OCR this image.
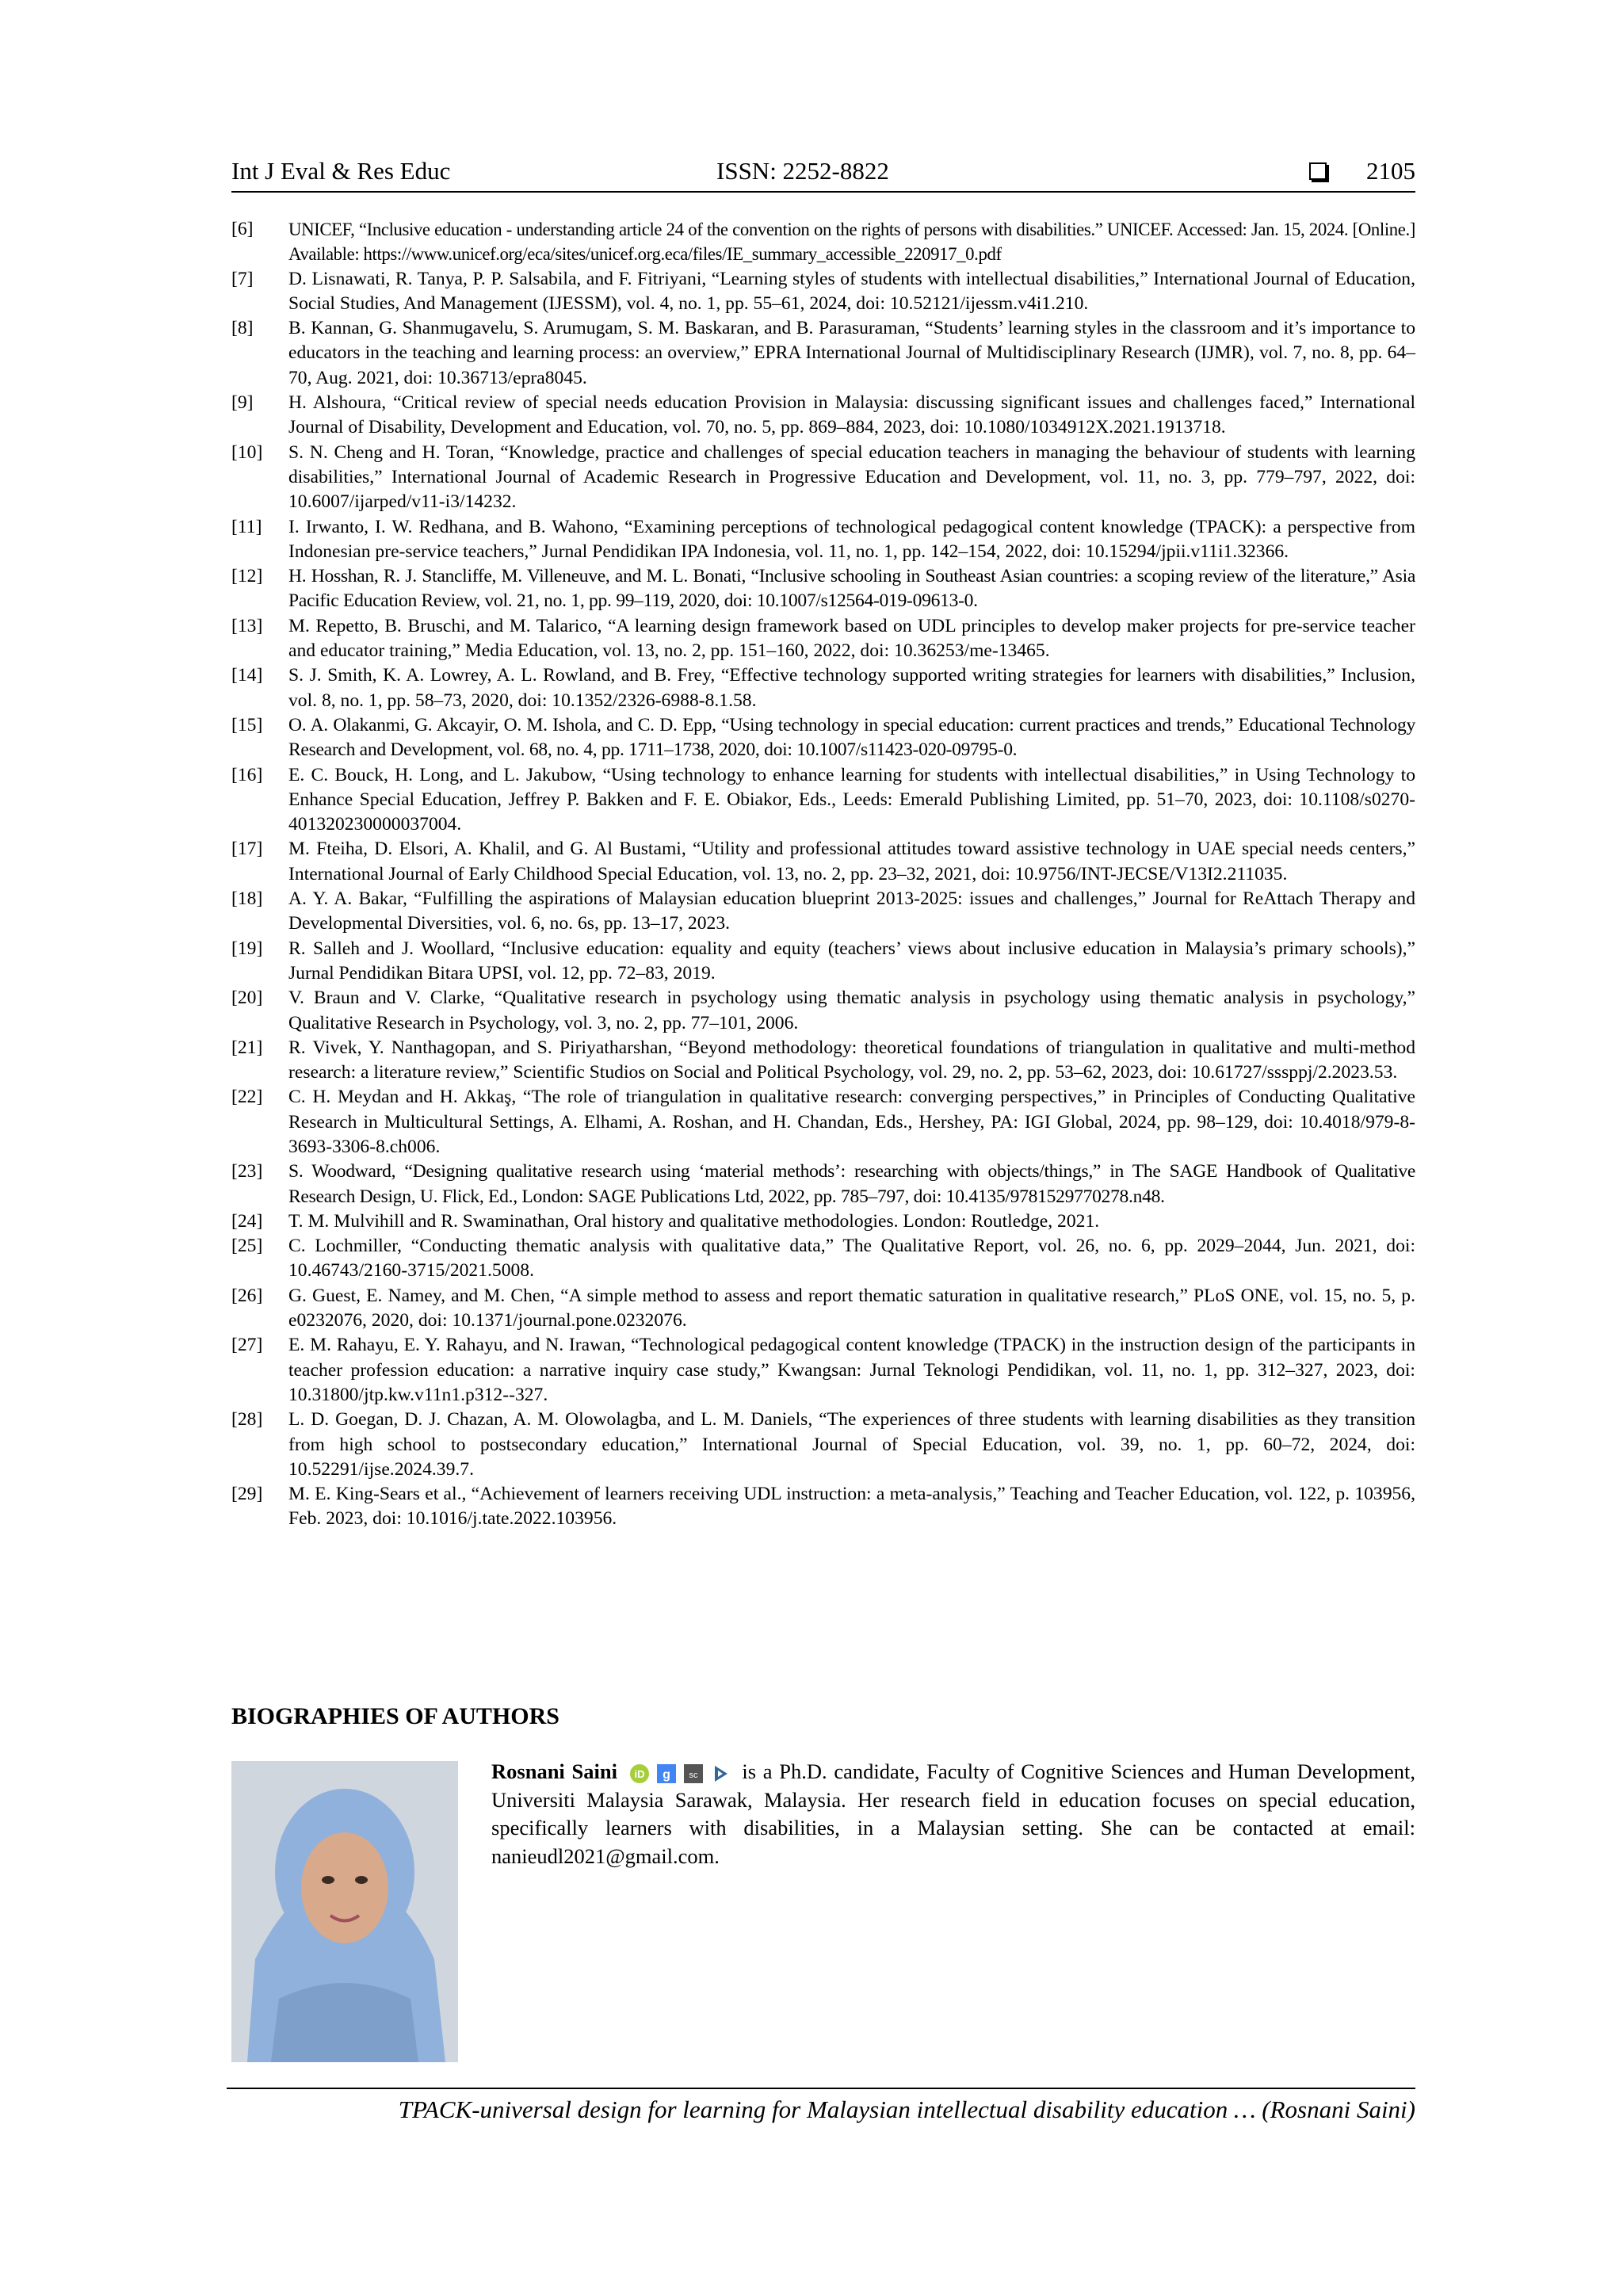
Int J Eval & Res Educ	ISSN: 2252-8822	2105
[6]	UNICEF, “Inclusive education - understanding article 24 of the convention on the rights of persons with disabilities.” UNICEF. Accessed: Jan. 15, 2024. [Online.] Available: https://www.unicef.org/eca/sites/unicef.org.eca/files/IE_summary_accessible_220917_0.pdf
[7]	D. Lisnawati, R. Tanya, P. P. Salsabila, and F. Fitriyani, “Learning styles of students with intellectual disabilities,” International Journal of Education, Social Studies, And Management (IJESSM), vol. 4, no. 1, pp. 55–61, 2024, doi: 10.52121/ijessm.v4i1.210.
[8]	B. Kannan, G. Shanmugavelu, S. Arumugam, S. M. Baskaran, and B. Parasuraman, “Students’ learning styles in the classroom and it’s importance to educators in the teaching and learning process: an overview,” EPRA International Journal of Multidisciplinary Research (IJMR), vol. 7, no. 8, pp. 64–70, Aug. 2021, doi: 10.36713/epra8045.
[9]	H. Alshoura, “Critical review of special needs education Provision in Malaysia: discussing significant issues and challenges faced,” International Journal of Disability, Development and Education, vol. 70, no. 5, pp. 869–884, 2023, doi: 10.1080/1034912X.2021.1913718.
[10]	S. N. Cheng and H. Toran, “Knowledge, practice and challenges of special education teachers in managing the behaviour of students with learning disabilities,” International Journal of Academic Research in Progressive Education and Development, vol. 11, no. 3, pp. 779–797, 2022, doi: 10.6007/ijarped/v11-i3/14232.
[11]	I. Irwanto, I. W. Redhana, and B. Wahono, “Examining perceptions of technological pedagogical content knowledge (TPACK): a perspective from Indonesian pre-service teachers,” Jurnal Pendidikan IPA Indonesia, vol. 11, no. 1, pp. 142–154, 2022, doi: 10.15294/jpii.v11i1.32366.
[12]	H. Hosshan, R. J. Stancliffe, M. Villeneuve, and M. L. Bonati, “Inclusive schooling in Southeast Asian countries: a scoping review of the literature,” Asia Pacific Education Review, vol. 21, no. 1, pp. 99–119, 2020, doi: 10.1007/s12564-019-09613-0.
[13]	M. Repetto, B. Bruschi, and M. Talarico, “A learning design framework based on UDL principles to develop maker projects for pre-service teacher and educator training,” Media Education, vol. 13, no. 2, pp. 151–160, 2022, doi: 10.36253/me-13465.
[14]	S. J. Smith, K. A. Lowrey, A. L. Rowland, and B. Frey, “Effective technology supported writing strategies for learners with disabilities,” Inclusion, vol. 8, no. 1, pp. 58–73, 2020, doi: 10.1352/2326-6988-8.1.58.
[15]	O. A. Olakanmi, G. Akcayir, O. M. Ishola, and C. D. Epp, “Using technology in special education: current practices and trends,” Educational Technology Research and Development, vol. 68, no. 4, pp. 1711–1738, 2020, doi: 10.1007/s11423-020-09795-0.
[16]	E. C. Bouck, H. Long, and L. Jakubow, “Using technology to enhance learning for students with intellectual disabilities,” in Using Technology to Enhance Special Education, Jeffrey P. Bakken and F. E. Obiakor, Eds., Leeds: Emerald Publishing Limited, pp. 51–70, 2023, doi: 10.1108/s0270-401320230000037004.
[17]	M. Fteiha, D. Elsori, A. Khalil, and G. Al Bustami, “Utility and professional attitudes toward assistive technology in UAE special needs centers,” International Journal of Early Childhood Special Education, vol. 13, no. 2, pp. 23–32, 2021, doi: 10.9756/INT-JECSE/V13I2.211035.
[18]	A. Y. A. Bakar, “Fulfilling the aspirations of Malaysian education blueprint 2013-2025: issues and challenges,” Journal for ReAttach Therapy and Developmental Diversities, vol. 6, no. 6s, pp. 13–17, 2023.
[19]	R. Salleh and J. Woollard, “Inclusive education: equality and equity (teachers’ views about inclusive education in Malaysia’s primary schools),” Jurnal Pendidikan Bitara UPSI, vol. 12, pp. 72–83, 2019.
[20]	V. Braun and V. Clarke, “Qualitative research in psychology using thematic analysis in psychology using thematic analysis in psychology,” Qualitative Research in Psychology, vol. 3, no. 2, pp. 77–101, 2006.
[21]	R. Vivek, Y. Nanthagopan, and S. Piriyatharshan, “Beyond methodology: theoretical foundations of triangulation in qualitative and multi-method research: a literature review,” Scientific Studios on Social and Political Psychology, vol. 29, no. 2, pp. 53–62, 2023, doi: 10.61727/sssppj/2.2023.53.
[22]	C. H. Meydan and H. Akkaş, “The role of triangulation in qualitative research: converging perspectives,” in Principles of Conducting Qualitative Research in Multicultural Settings, A. Elhami, A. Roshan, and H. Chandan, Eds., Hershey, PA: IGI Global, 2024, pp. 98–129, doi: 10.4018/979-8-3693-3306-8.ch006.
[23]	S. Woodward, “Designing qualitative research using ‘material methods’: researching with objects/things,” in The SAGE Handbook of Qualitative Research Design, U. Flick, Ed., London: SAGE Publications Ltd, 2022, pp. 785–797, doi: 10.4135/9781529770278.n48.
[24]	T. M. Mulvihill and R. Swaminathan, Oral history and qualitative methodologies. London: Routledge, 2021.
[25]	C. Lochmiller, “Conducting thematic analysis with qualitative data,” The Qualitative Report, vol. 26, no. 6, pp. 2029–2044, Jun. 2021, doi: 10.46743/2160-3715/2021.5008.
[26]	G. Guest, E. Namey, and M. Chen, “A simple method to assess and report thematic saturation in qualitative research,” PLoS ONE, vol. 15, no. 5, p. e0232076, 2020, doi: 10.1371/journal.pone.0232076.
[27]	E. M. Rahayu, E. Y. Rahayu, and N. Irawan, “Technological pedagogical content knowledge (TPACK) in the instruction design of the participants in teacher profession education: a narrative inquiry case study,” Kwangsan: Jurnal Teknologi Pendidikan, vol. 11, no. 1, pp. 312–327, 2023, doi: 10.31800/jtp.kw.v11n1.p312--327.
[28]	L. D. Goegan, D. J. Chazan, A. M. Olowolagba, and L. M. Daniels, “The experiences of three students with learning disabilities as they transition from high school to postsecondary education,” International Journal of Special Education, vol. 39, no. 1, pp. 60–72, 2024, doi: 10.52291/ijse.2024.39.7.
[29]	M. E. King-Sears et al., “Achievement of learners receiving UDL instruction: a meta-analysis,” Teaching and Teacher Education, vol. 122, p. 103956, Feb. 2023, doi: 10.1016/j.tate.2022.103956.
BIOGRAPHIES OF AUTHORS
Rosnani Saini iD g sc is a Ph.D. candidate, Faculty of Cognitive Sciences and Human Development, Universiti Malaysia Sarawak, Malaysia. Her research field in education focuses on special education, specifically learners with disabilities, in a Malaysian setting. She can be contacted at email: nanieudl2021@gmail.com.
TPACK-universal design for learning for Malaysian intellectual disability education … (Rosnani Saini)
